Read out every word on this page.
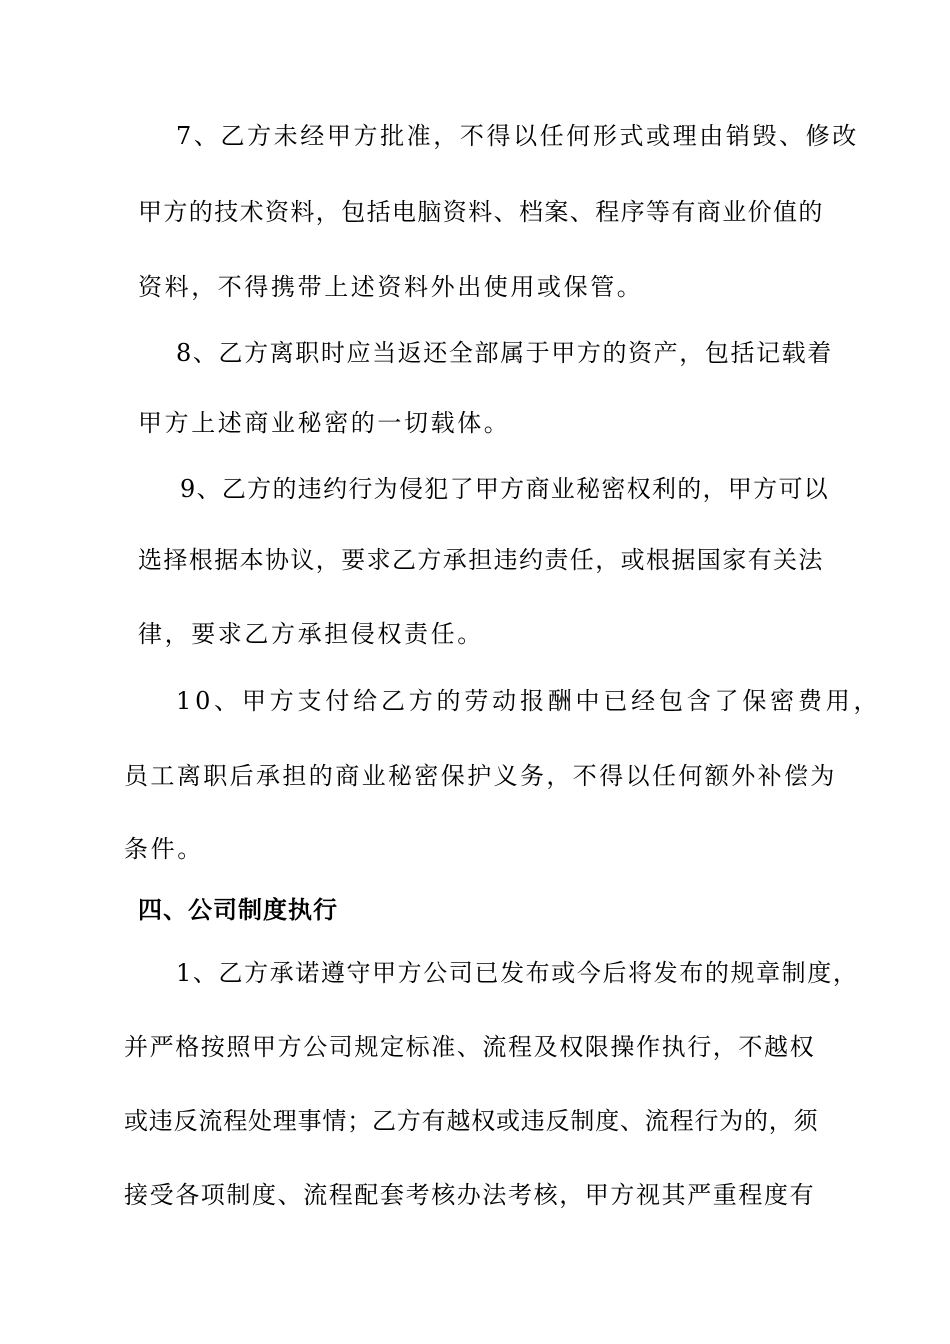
7、乙方未经甲方批准，不得以任何形式或理由销毁、修改
甲方的技术资料，包括电脑资料、档案、程序等有商业价值的
资料，不得携带上述资料外出使用或保管。
8、乙方离职时应当返还全部属于甲方的资产，包括记载着
甲方上述商业秘密的一切载体。
9、乙方的违约行为侵犯了甲方商业秘密权利的，甲方可以
选择根据本协议，要求乙方承担违约责任，或根据国家有关法
律，要求乙方承担侵权责任。
10、甲方支付给乙方的劳动报酬中已经包含了保密费用，
员工离职后承担的商业秘密保护义务，不得以任何额外补偿为
条件。
四、公司制度执行
1、乙方承诺遵守甲方公司已发布或今后将发布的规章制度，
并严格按照甲方公司规定标准、流程及权限操作执行，不越权
或违反流程处理事情；乙方有越权或违反制度、流程行为的，须
接受各项制度、流程配套考核办法考核，甲方视其严重程度有
